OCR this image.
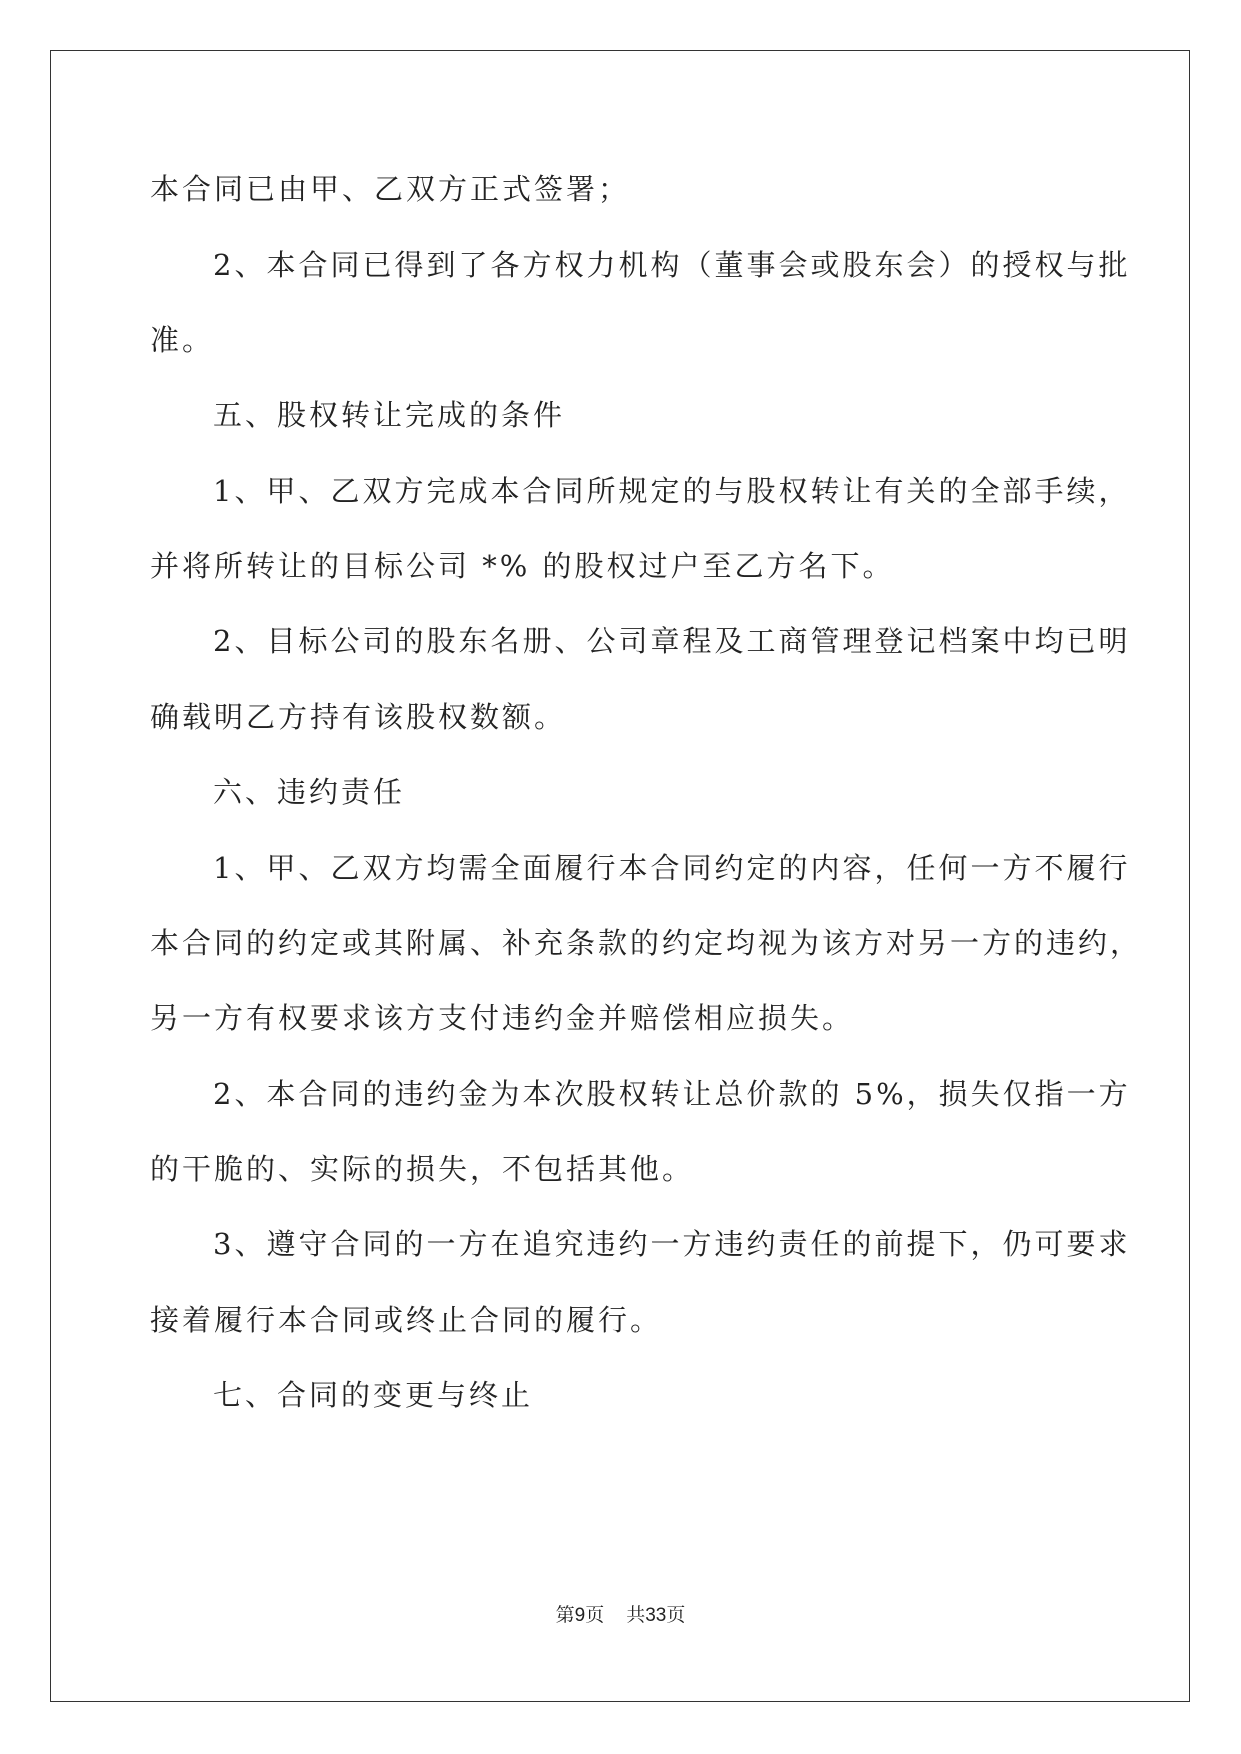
本合同已由甲、乙双方正式签署；
2、本合同已得到了各方权力机构（董事会或股东会）的授权与批
准。
五、股权转让完成的条件
1、甲、乙双方完成本合同所规定的与股权转让有关的全部手续，
并将所转让的目标公司 *% 的股权过户至乙方名下。
2、目标公司的股东名册、公司章程及工商管理登记档案中均已明
确载明乙方持有该股权数额。
六、违约责任
1、甲、乙双方均需全面履行本合同约定的内容，任何一方不履行
本合同的约定或其附属、补充条款的约定均视为该方对另一方的违约，
另一方有权要求该方支付违约金并赔偿相应损失。
2、本合同的违约金为本次股权转让总价款的 5%，损失仅指一方
的干脆的、实际的损失，不包括其他。
3、遵守合同的一方在追究违约一方违约责任的前提下，仍可要求
接着履行本合同或终止合同的履行。
七、合同的变更与终止
第9页 共33页
